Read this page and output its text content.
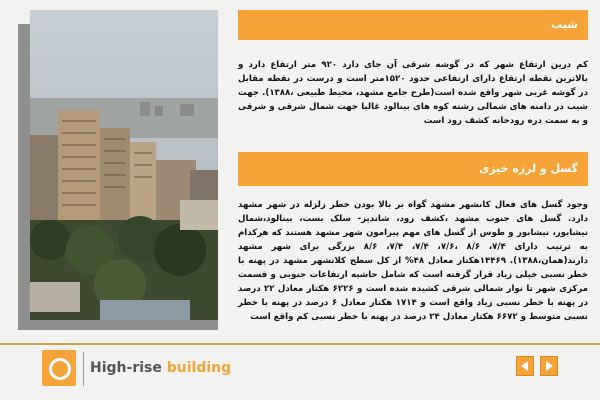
شیب

کم درین ارتفاع شهر که در گوشه شرقی آن جای دارد ۹۲۰ متر ارتفاع دارد و بالاترین نقطه ارتفاع دارای ارتفاعی حدود ۱۵۲۰متر است و درست در نقطه مقابل در گوشه غربی شهر واقع شده است(طرح جامع مشهد، محیط طبیعی ،۱۳۸۸). جهت شیب در دامنه های شمالی رشته کوه های بینالود غالبا جهت شمال شرقی و شرقی و به سمت دره رودخانه کشف رود است

گسل و لرزه خیزی

وجود گسل های فعال کانشهر مشهد گواه بر بالا بودن خطر زلزله در شهر مشهد دارد. گسل های جنوب مشهد ،کشف رود، شاندیز- سلک بست، بینالود،شمال نیشابور، نیشابور و طوس از گسل های مهم پیرامون شهر مشهد هستند که هرکدام به ترتیب دارای ۷/۴، ۸/۶ ،۷/۶، ۷/۴، ۷/۴، ۸/۶ بزرگی برای شهر مشهد دارند(همان،۱۳۸۸). ۱۴۴۶۹هکتار معادل ۴۸% از کل سطح کلانشهر مشهد در پهنه با خطر نسبی خیلی زیاد قرار گرفته است که شامل حاشیه ارتفاعات جنوبی و قسمت مرکزی شهر تا نوار شمالی شرقی کشیده شده است و ۶۲۲۶ هکتار معادل ۲۲ درصد در پهنه با خطر نسبی زیاد واقع است و ۱۷۱۴ هکتار معادل ۶ درصد در پهنه با خطر نسبی متوسط و ۶۶۷۲ هکتار معادل ۲۴ درصد در پهنه با خطر نسبی کم واقع است

High-rise building
